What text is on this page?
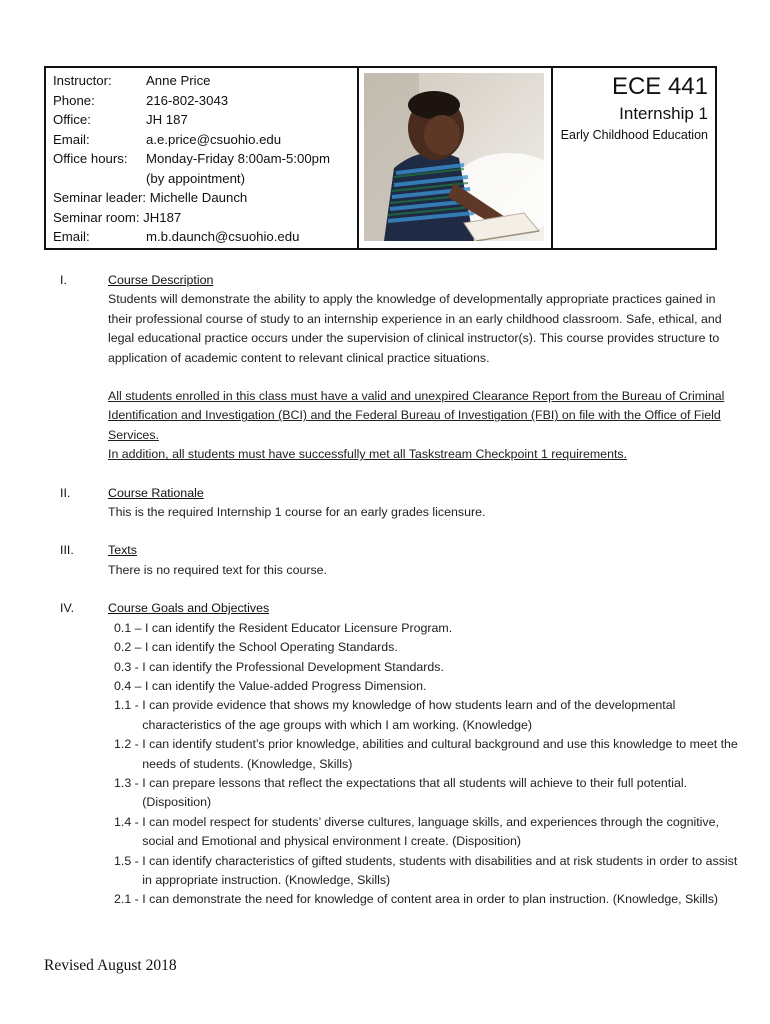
Instructor:	Anne Price
Phone:	216-802-3043
Office:	JH 187
Email:	a.e.price@csuohio.edu
Office hours:	Monday-Friday 8:00am-5:00pm
(by appointment)
Seminar leader: Michelle Daunch
Seminar room: JH187
Email:	m.b.daunch@csuohio.edu
ECE 441
Internship 1
Early Childhood Education
I.	Course Description
Students will demonstrate the ability to apply the knowledge of developmentally appropriate practices gained in their professional course of study to an internship experience in an early childhood classroom. Safe, ethical, and legal educational practice occurs under the supervision of clinical instructor(s). This course provides structure to application of academic content to relevant clinical practice situations.
All students enrolled in this class must have a valid and unexpired Clearance Report from the Bureau of Criminal Identification and Investigation (BCI) and the Federal Bureau of Investigation (FBI) on file with the Office of Field Services.
In addition, all students must have successfully met all Taskstream Checkpoint 1 requirements.
II.	Course Rationale
This is the required Internship 1 course for an early grades licensure.
III.	Texts
There is no required text for this course.
IV.	Course Goals and Objectives
0.1 – I can identify the Resident Educator Licensure Program.
0.2 – I can identify the School Operating Standards.
0.3 - I can identify the Professional Development Standards.
0.4 – I can identify the Value-added Progress Dimension.
1.1 - I can provide evidence that shows my knowledge of how students learn and of the developmental characteristics of the age groups with which I am working. (Knowledge)
1.2 - I can identify student’s prior knowledge, abilities and cultural background and use this knowledge to meet the needs of students. (Knowledge, Skills)
1.3 - I can prepare lessons that reflect the expectations that all students will achieve to their full potential. (Disposition)
1.4 - I can model respect for students’ diverse cultures, language skills, and experiences through the cognitive, social and Emotional and physical environment I create. (Disposition)
1.5 - I can identify characteristics of gifted students, students with disabilities and at risk students in order to assist in appropriate instruction. (Knowledge, Skills)
2.1 - I can demonstrate the need for knowledge of content area in order to plan instruction. (Knowledge, Skills)
Revised August 2018
